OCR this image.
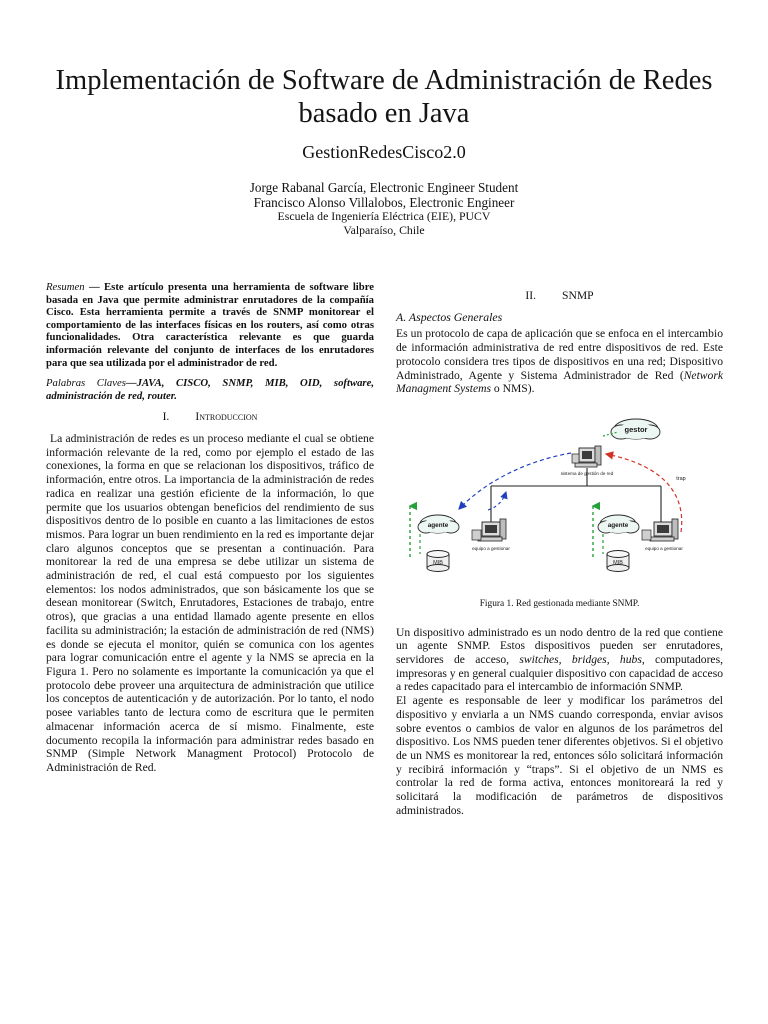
Implementación de Software de Administración de Redes basado en Java
GestionRedesCisco2.0
Jorge Rabanal García, Electronic Engineer Student
Francisco Alonso Villalobos, Electronic Engineer
Escuela de Ingeniería Eléctrica (EIE), PUCV
Valparaíso, Chile

Resumen — Este artículo presenta una herramienta de software libre basada en Java que permite administrar enrutadores de la compañía Cisco. Esta herramienta permite a través de SNMP monitorear el comportamiento de las interfaces físicas en los routers, así como otras funcionalidades. Otra característica relevante es que guarda información relevante del conjunto de interfaces de los enrutadores para que sea utilizada por el administrador de red.

Palabras Claves—JAVA, CISCO, SNMP, MIB, OID, software, administración de red, router.

I. Introduccion

La administración de redes es un proceso mediante el cual se obtiene información relevante de la red, como por ejemplo el estado de las conexiones, la forma en que se relacionan los dispositivos, tráfico de información, entre otros. La importancia de la administración de redes radica en realizar una gestión eficiente de la información, lo que permite que los usuarios obtengan beneficios del rendimiento de sus dispositivos dentro de lo posible en cuanto a las limitaciones de estos mismos. Para lograr un buen rendimiento en la red es importante dejar claro algunos conceptos que se presentan a continuación. Para monitorear la red de una empresa se debe utilizar un sistema de administración de red, el cual está compuesto por los siguientes elementos: los nodos administrados, que son básicamente los que se desean monitorear (Switch, Enrutadores, Estaciones de trabajo, entre otros), que gracias a una entidad llamado agente presente en ellos facilita su administración; la estación de administración de red (NMS) es donde se ejecuta el monitor, quién se comunica con los agentes para lograr comunicación entre el agente y la NMS se aprecia en la Figura 1. Pero no solamente es importante la comunicación ya que el protocolo debe proveer una arquitectura de administración que utilice los conceptos de autenticación y de autorización. Por lo tanto, el nodo posee variables tanto de lectura como de escritura que le permiten almacenar información acerca de sí mismo. Finalmente, este documento recopila la información para administrar redes basado en SNMP (Simple Network Managment Protocol) Protocolo de Administración de Red.

II. SNMP
A. Aspectos Generales

Es un protocolo de capa de aplicación que se enfoca en el intercambio de información administrativa de red entre dispositivos de red. Este protocolo considera tres tipos de dispositivos en una red; Dispositivo Administrado, Agente y Sistema Administrador de Red (Network Managment Systems o NMS).

gestor
sistema de gestión de red
trap
agente
MIB
equipo a gestionar
agente
MIB
equipo a gestionar
Figura 1. Red gestionada mediante SNMP.

Un dispositivo administrado es un nodo dentro de la red que contiene un agente SNMP. Estos dispositivos pueden ser enrutadores, servidores de acceso, switches, bridges, hubs, computadores, impresoras y en general cualquier dispositivo con capacidad de acceso a redes capacitado para el intercambio de información SNMP.

El agente es responsable de leer y modificar los parámetros del dispositivo y enviarla a un NMS cuando corresponda, enviar avisos sobre eventos o cambios de valor en algunos de los parámetros del dispositivo. Los NMS pueden tener diferentes objetivos. Si el objetivo de un NMS es monitorear la red, entonces sólo solicitará información y recibirá información y “traps”. Si el objetivo de un NMS es controlar la red de forma activa, entonces monitoreará la red y solicitará la modificación de parámetros de dispositivos administrados.
